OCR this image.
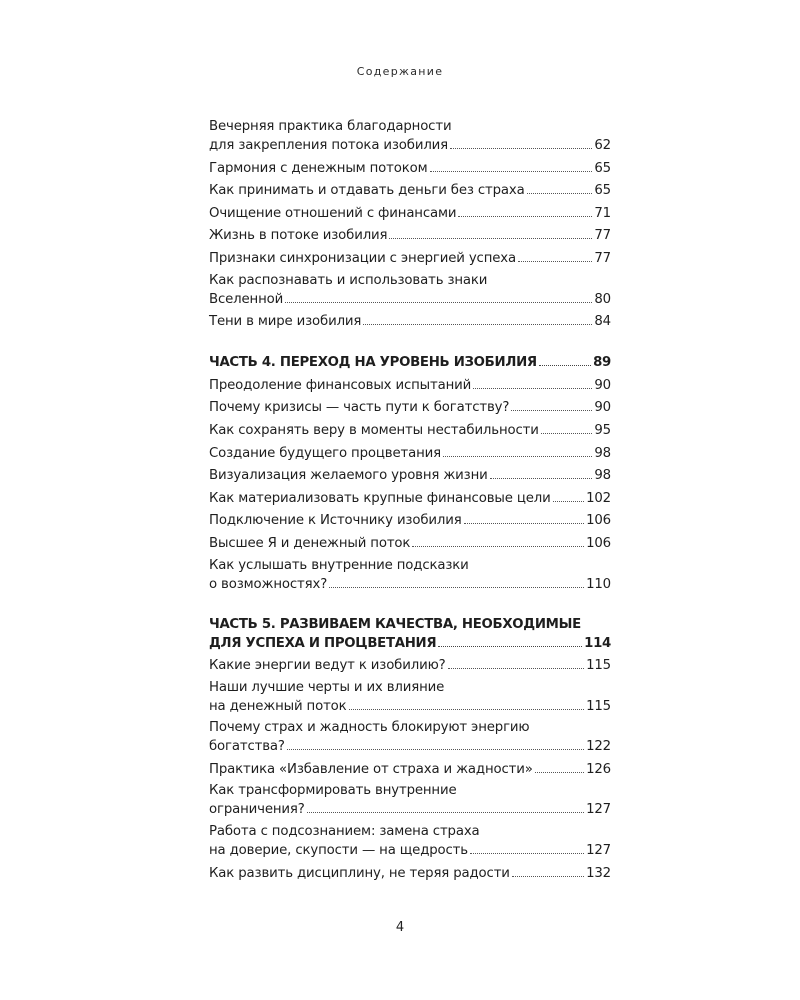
Содержание
Вечерняя практика благодарности
для закрепления потока изобилия	62
Гармония с денежным потоком	65
Как принимать и отдавать деньги без страха	65
Очищение отношений с финансами	71
Жизнь в потоке изобилия	77
Признаки синхронизации с энергией успеха	77
Как распознавать и использовать знаки
Вселенной	80
Тени в мире изобилия	84
ЧАСТЬ 4. ПЕРЕХОД НА УРОВЕНЬ ИЗОБИЛИЯ	89
Преодоление финансовых испытаний	90
Почему кризисы — часть пути к богатству?	90
Как сохранять веру в моменты нестабильности	95
Создание будущего процветания	98
Визуализация желаемого уровня жизни	98
Как материализовать крупные финансовые цели	102
Подключение к Источнику изобилия	106
Высшее Я и денежный поток	106
Как услышать внутренние подсказки
о возможностях?	110
ЧАСТЬ 5. РАЗВИВАЕМ КАЧЕСТВА, НЕОБХОДИМЫЕ
ДЛЯ УСПЕХА И ПРОЦВЕТАНИЯ	114
Какие энергии ведут к изобилию?	115
Наши лучшие черты и их влияние
на денежный поток	115
Почему страх и жадность блокируют энергию
богатства?	122
Практика «Избавление от страха и жадности»	126
Как трансформировать внутренние
ограничения?	127
Работа с подсознанием: замена страха
на доверие, скупости — на щедрость	127
Как развить дисциплину, не теряя радости	132
4
